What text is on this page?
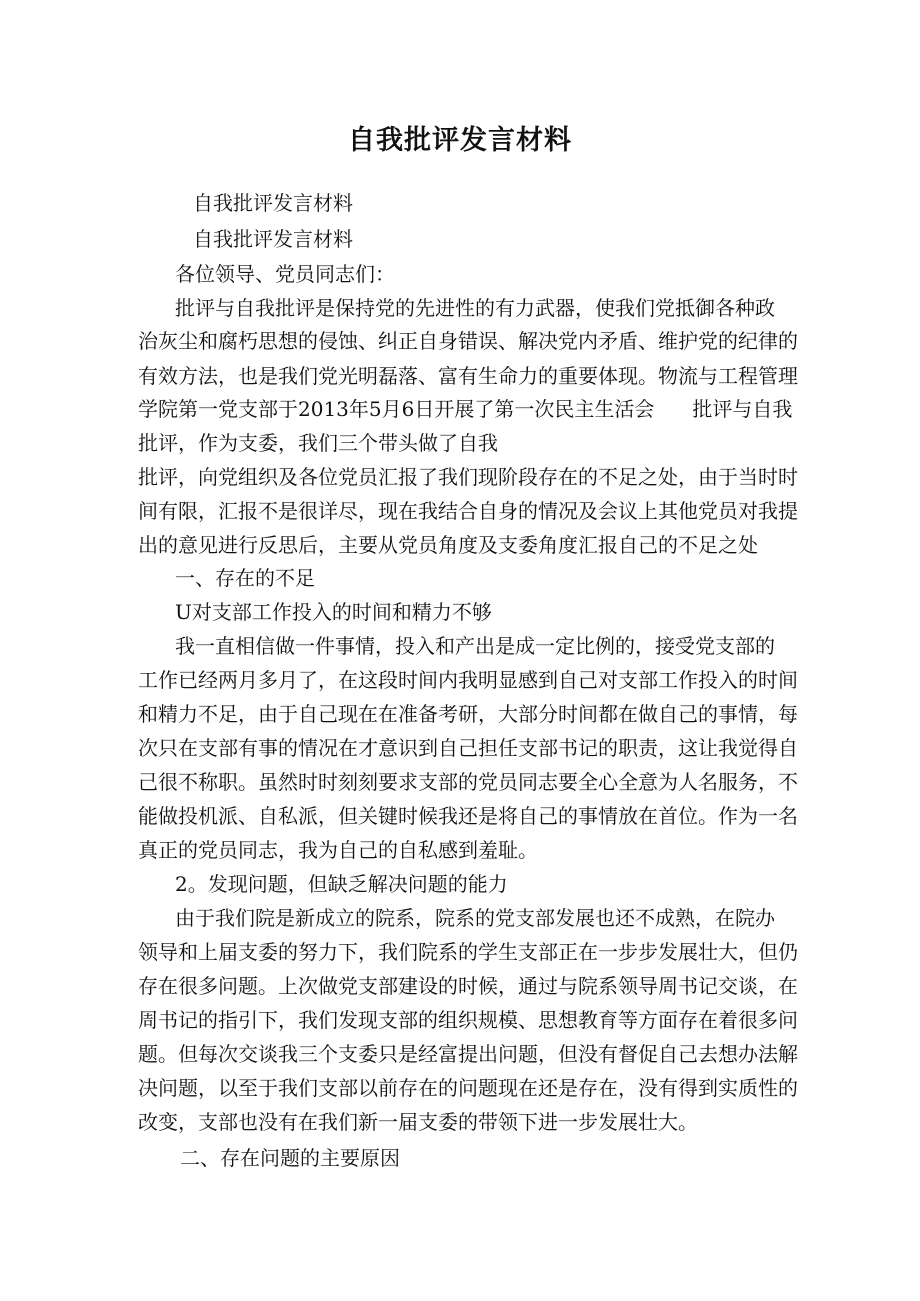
自我批评发言材料
自我批评发言材料
自我批评发言材料
各位领导、党员同志们：
批评与自我批评是保持党的先进性的有力武器，使我们党抵御各种政
治灰尘和腐朽思想的侵蚀、纠正自身错误、解决党内矛盾、维护党的纪律的
有效方法，也是我们党光明磊落、富有生命力的重要体现。物流与工程管理
学院第一党支部于2013年5月6日开展了第一次民主生活会 批评与自我
批评，作为支委，我们三个带头做了自我
批评，向党组织及各位党员汇报了我们现阶段存在的不足之处，由于当时时
间有限，汇报不是很详尽，现在我结合自身的情况及会议上其他党员对我提
出的意见进行反思后，主要从党员角度及支委角度汇报自己的不足之处
一、存在的不足
U对支部工作投入的时间和精力不够
我一直相信做一件事情，投入和产出是成一定比例的，接受党支部的
工作已经两月多月了，在这段时间内我明显感到自己对支部工作投入的时间
和精力不足，由于自己现在在准备考研，大部分时间都在做自己的事情，每
次只在支部有事的情况在才意识到自己担任支部书记的职责，这让我觉得自
己很不称职。虽然时时刻刻要求支部的党员同志要全心全意为人名服务，不
能做投机派、自私派，但关键时候我还是将自己的事情放在首位。作为一名
真正的党员同志，我为自己的自私感到羞耻。
2。发现问题，但缺乏解决问题的能力
由于我们院是新成立的院系，院系的党支部发展也还不成熟，在院办
领导和上届支委的努力下，我们院系的学生支部正在一步步发展壮大，但仍
存在很多问题。上次做党支部建设的时候，通过与院系领导周书记交谈，在
周书记的指引下，我们发现支部的组织规模、思想教育等方面存在着很多问
题。但每次交谈我三个支委只是经富提出问题，但没有督促自己去想办法解
决问题，以至于我们支部以前存在的问题现在还是存在，没有得到实质性的
改变，支部也没有在我们新一届支委的带领下进一步发展壮大。
二、存在问题的主要原因
